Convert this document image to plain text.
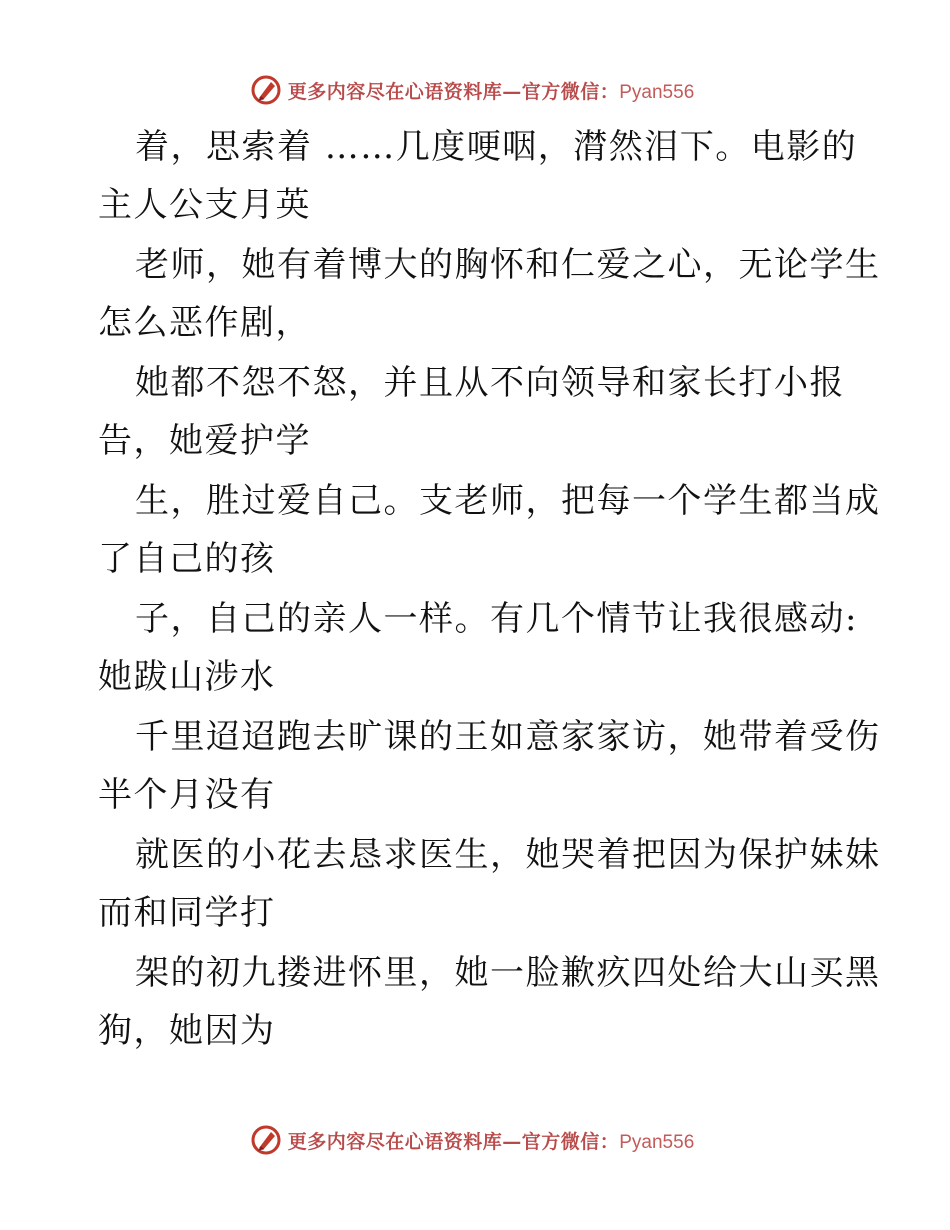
更多内容尽在心语资料库—官方微信：Pyan556
着，思索着 ……几度哽咽，潸然泪下。电影的
主人公支月英
老师，她有着博大的胸怀和仁爱之心，无论学生
怎么恶作剧，
她都不怨不怒，并且从不向领导和家长打小报
告，她爱护学
生，胜过爱自己。支老师，把每一个学生都当成
了自己的孩
子，自己的亲人一样。有几个情节让我很感动:
她跋山涉水
千里迢迢跑去旷课的王如意家家访，她带着受伤
半个月没有
就医的小花去恳求医生，她哭着把因为保护妹妹
而和同学打
架的初九搂进怀里，她一脸歉疚四处给大山买黑
狗，她因为
更多内容尽在心语资料库—官方微信：Pyan556
